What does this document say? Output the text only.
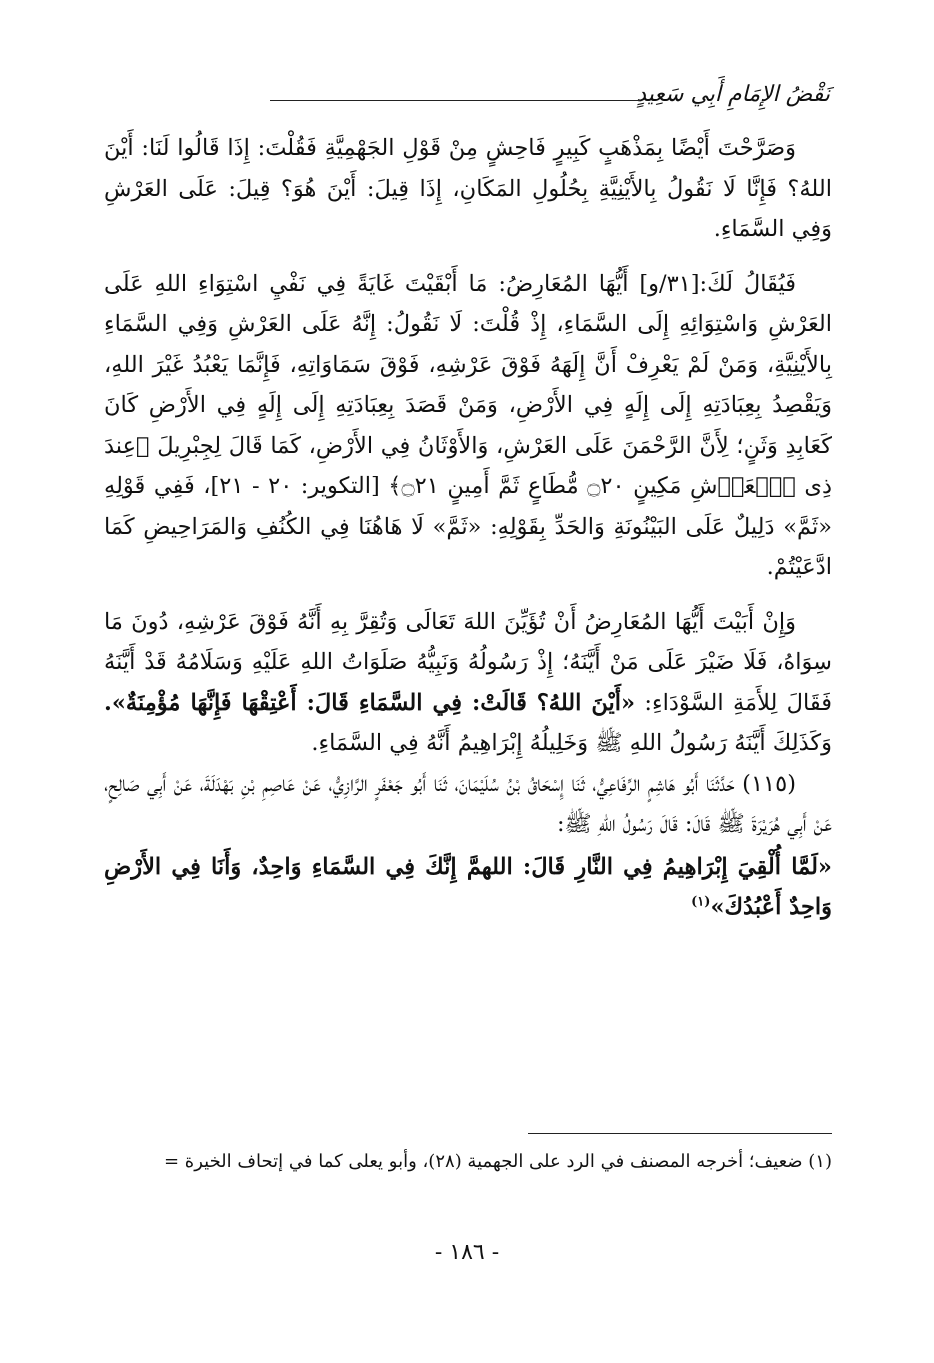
نَقْضُ الإِمَامِ أَبِي سَعِيدٍ

وَصَرَّحْتَ أَيْضًا بِمَذْهَبٍ كَبِيرٍ فَاحِشٍ مِنْ قَوْلِ الجَهْمِيَّةِ فَقُلْتَ: إِذَا قَالُوا لَنَا: أَيْنَ اللهُ؟ فَإِنَّا لَا نَقُولُ بِالأَيْنِيَّةِ بِحُلُولِ المَكَانِ، إِذَا قِيلَ: أَيْنَ هُوَ؟ قِيلَ: عَلَى العَرْشِ وَفِي السَّمَاءِ.

فَيُقَالُ لَكَ:[٣١/و] أَيُّهَا المُعَارِضُ: مَا أَبْقَيْتَ غَايَةً فِي نَفْيِ اسْتِوَاءِ اللهِ عَلَى العَرْشِ وَاسْتِوَائِهِ إِلَى السَّمَاءِ، إِذْ قُلْتَ: لَا نَقُولُ: إِنَّهُ عَلَى العَرْشِ وَفِي السَّمَاءِ بِالأَيْنِيَّةِ، وَمَنْ لَمْ يَعْرِفْ أَنَّ إِلَهَهُ فَوْقَ عَرْشِهِ، فَوْقَ سَمَاوَاتِهِ، فَإِنَّمَا يَعْبُدُ غَيْرَ اللهِ، وَيَقْصِدُ بِعِبَادَتِهِ إِلَى إِلَهٍ فِي الأَرْضِ، وَمَنْ قَصَدَ بِعِبَادَتِهِ إِلَى إِلَهٍ فِي الأَرْضِ كَانَ كَعَابِدِ وَثَنٍ؛ لِأَنَّ الرَّحْمَنَ عَلَى العَرْشِ، وَالأَوْثَانُ فِي الأَرْضِ، كَمَا قَالَ لِجِبْرِيلَ ﴿عِندَ ذِى ٱلۡعَرۡشِ مَكِينٍ ۝٢٠ مُّطَاعٍ ثَمَّ أَمِينٍ ۝٢١﴾ [التكوير: ٢٠ - ٢١]، فَفِي قَوْلِهِ «ثَمَّ» دَلِيلٌ عَلَى البَيْنُونَةِ وَالحَدِّ بِقَوْلِهِ: «ثَمَّ» لَا هَاهُنَا فِي الكُنُفِ وَالمَرَاحِيضِ كَمَا ادَّعَيْتُمْ.

وَإِنْ أَبَيْتَ أَيُّهَا المُعَارِضُ أَنْ تُؤَيِّنَ اللهَ تَعَالَى وَتُقِرَّ بِهِ أَنَّهُ فَوْقَ عَرْشِهِ، دُونَ مَا سِوَاهُ، فَلَا ضَيْرَ عَلَى مَنْ أَيَّنَهُ؛ إِذْ رَسُولُهُ وَنَبِيُّهُ صَلَوَاتُ اللهِ عَلَيْهِ وَسَلَامُهُ قَدْ أَيَّنَهُ فَقَالَ لِلأَمَةِ السَّوْدَاءِ: «أَيْنَ اللهُ؟ قَالَتْ: فِي السَّمَاءِ قَالَ: أَعْتِقْهَا فَإِنَّهَا مُؤْمِنَةٌ». وَكَذَلِكَ أَيَّنَهُ رَسُولُ اللهِ ﷺ وَخَلِيلُهُ إِبْرَاهِيمُ أَنَّهُ فِي السَّمَاءِ.

(١١٥) حَدَّثَنَا أَبُو هَاشِمٍ الرِّفَاعِيُّ، ثَنَا إِسْحَاقُ بْنُ سُلَيْمَانَ، ثَنَا أَبُو جَعْفَرٍ الرَّازِيُّ، عَنْ عَاصِمِ بْنِ بَهْدَلَةَ، عَنْ أَبِي صَالِحٍ، عَنْ أَبِي هُرَيْرَةَ ﷺ قَالَ: قَالَ رَسُولُ اللهِ ﷺ:

«لَمَّا أُلْقِيَ إِبْرَاهِيمُ فِي النَّارِ قَالَ: اللهمَّ إِنَّكَ فِي السَّمَاءِ وَاحِدٌ، وَأَنَا فِي الأَرْضِ وَاحِدٌ أَعْبُدُكَ»$^{(١)}$

(١) ضعيف؛ أخرجه المصنف في الرد على الجهمية (٢٨)، وأبو يعلى كما في إتحاف الخيرة =
- ١٨٦ -
